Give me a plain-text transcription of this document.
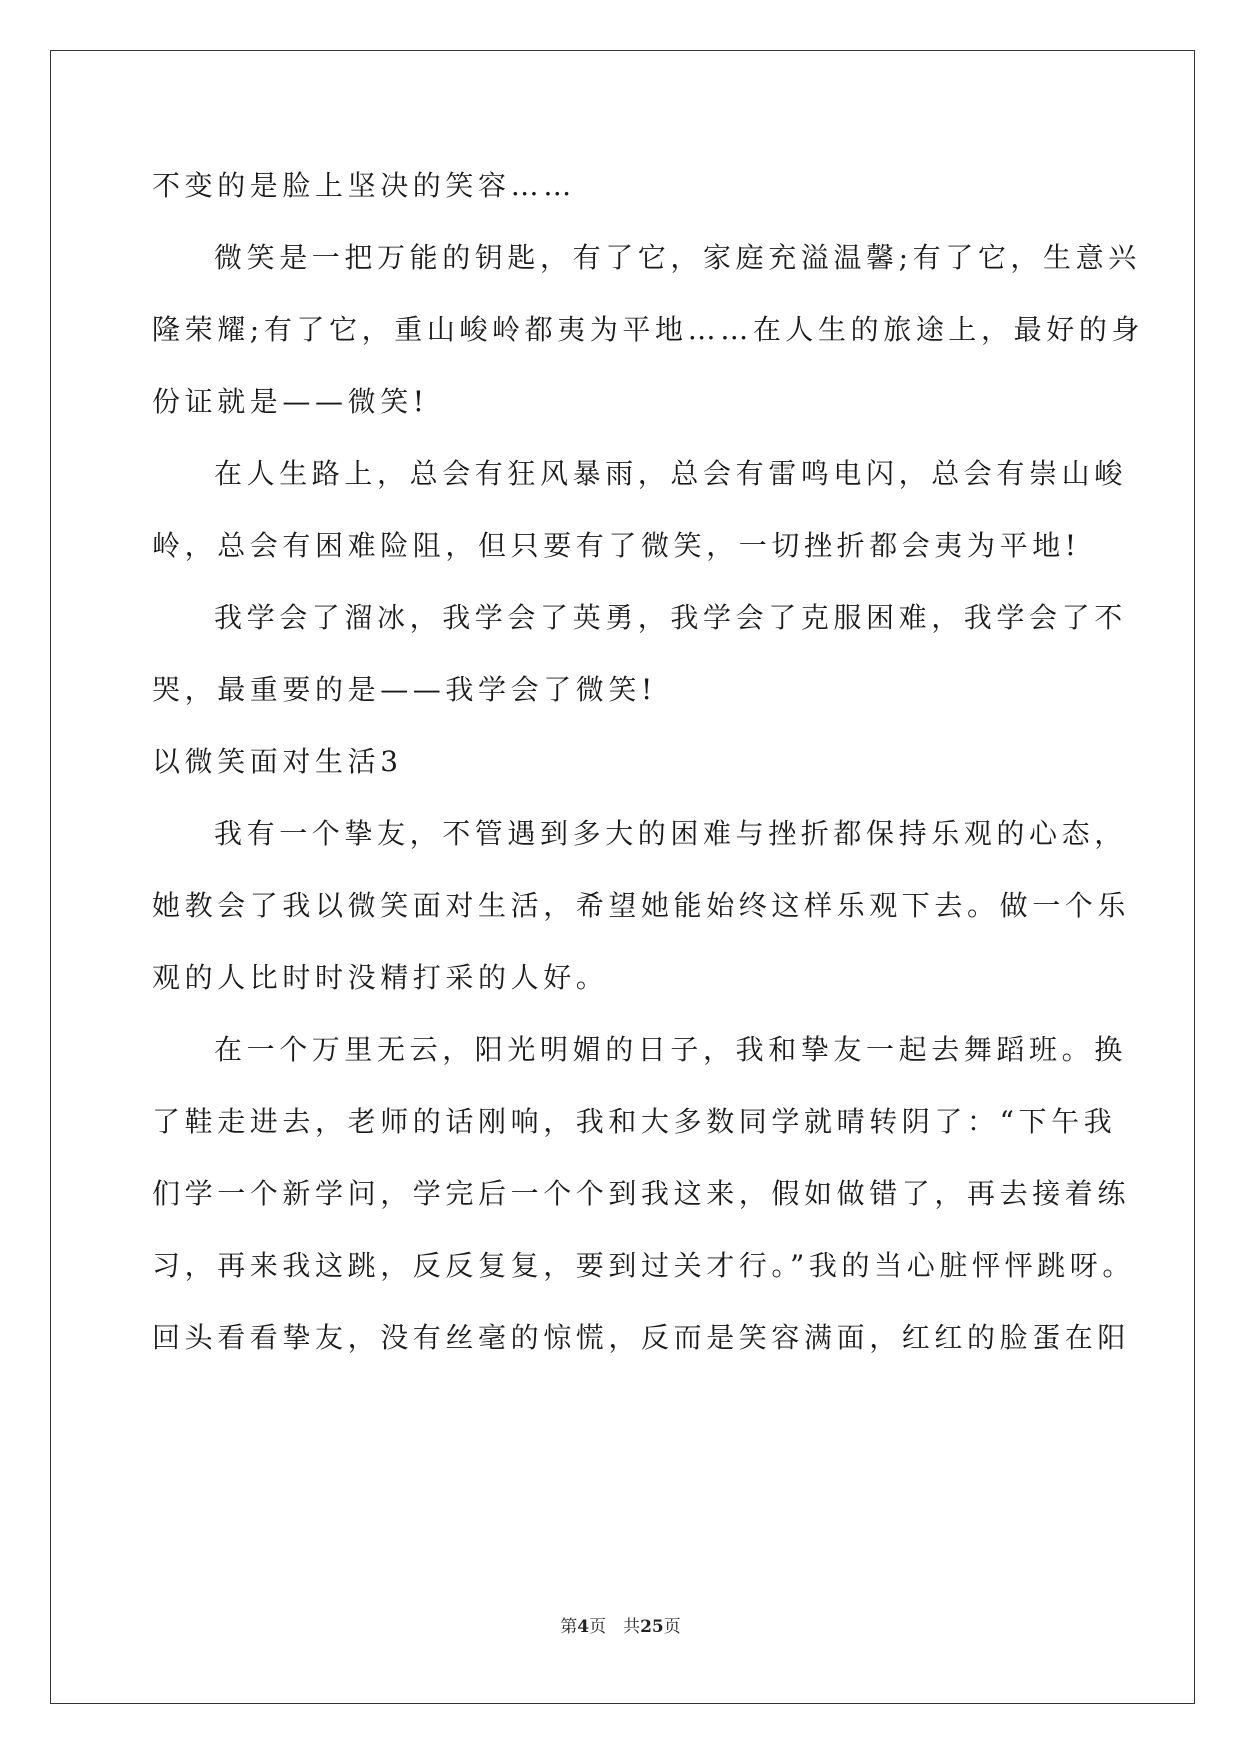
不变的是脸上坚决的笑容……
微笑是一把万能的钥匙，有了它，家庭充溢温馨;有了它，生意兴
隆荣耀;有了它，重山峻岭都夷为平地……在人生的旅途上，最好的身
份证就是——微笑!
在人生路上，总会有狂风暴雨，总会有雷鸣电闪，总会有崇山峻
岭，总会有困难险阻，但只要有了微笑，一切挫折都会夷为平地!
我学会了溜冰，我学会了英勇，我学会了克服困难，我学会了不
哭，最重要的是——我学会了微笑!
以微笑面对生活3
我有一个挚友，不管遇到多大的困难与挫折都保持乐观的心态，
她教会了我以微笑面对生活，希望她能始终这样乐观下去。做一个乐
观的人比时时没精打采的人好。
在一个万里无云，阳光明媚的日子，我和挚友一起去舞蹈班。换
了鞋走进去，老师的话刚响，我和大多数同学就晴转阴了：“下午我
们学一个新学问，学完后一个个到我这来，假如做错了，再去接着练
习，再来我这跳，反反复复，要到过关才行。”我的当心脏怦怦跳呀。
回头看看挚友，没有丝毫的惊慌，反而是笑容满面，红红的脸蛋在阳
第4页　共25页
